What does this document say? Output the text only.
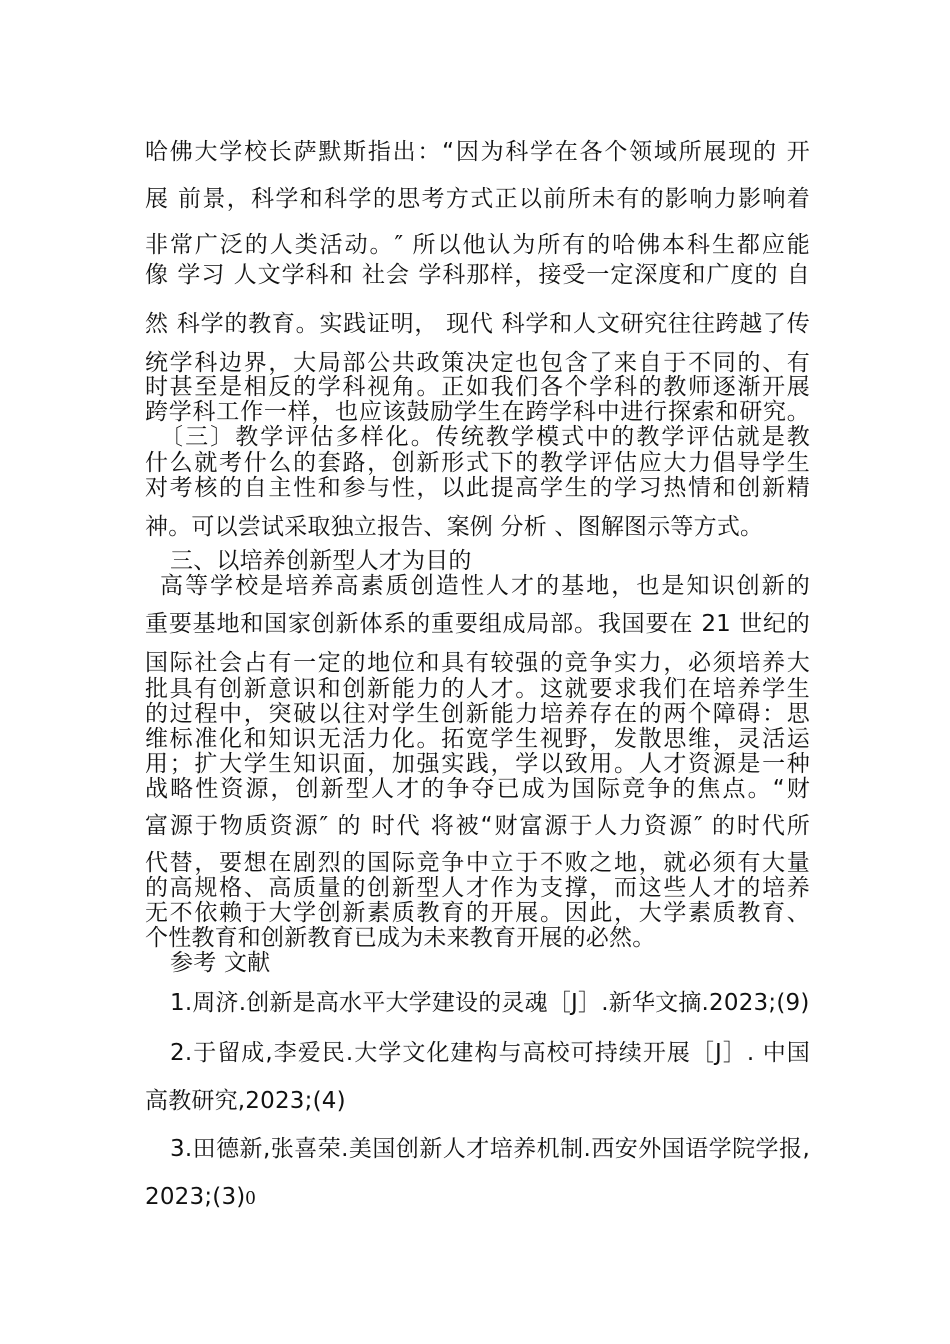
哈佛大学校长萨默斯指出：“因为科学在各个领域所展现的 开
展 前景，科学和科学的思考方式正以前所未有的影响力影响着
非常广泛的人类活动。″ 所以他认为所有的哈佛本科生都应能
像 学习 人文学科和 社会 学科那样，接受一定深度和广度的 自
然 科学的教育。实践证明， 现代 科学和人文研究往往跨越了传
统学科边界，大局部公共政策决定也包含了来自于不同的、有
时甚至是相反的学科视角。正如我们各个学科的教师逐渐开展
跨学科工作一样，也应该鼓励学生在跨学科中进行探索和研究。
〔三〕教学评估多样化。传统教学模式中的教学评估就是教
什么就考什么的套路，创新形式下的教学评估应大力倡导学生
对考核的自主性和参与性，以此提高学生的学习热情和创新精
神。可以尝试采取独立报告、案例 分析 、图解图示等方式。
三、以培养创新型人才为目的
高等学校是培养高素质创造性人才的基地，也是知识创新的
重要基地和国家创新体系的重要组成局部。我国要在 21 世纪的
国际社会占有一定的地位和具有较强的竞争实力，必须培养大
批具有创新意识和创新能力的人才。这就要求我们在培养学生
的过程中，突破以往对学生创新能力培养存在的两个障碍：思
维标准化和知识无活力化。拓宽学生视野，发散思维，灵活运
用；扩大学生知识面，加强实践，学以致用。人才资源是一种
战略性资源，创新型人才的争夺已成为国际竞争的焦点。“财
富源于物质资源″ 的 时代 将被“财富源于人力资源″ 的时代所
代替，要想在剧烈的国际竞争中立于不败之地，就必须有大量
的高规格、高质量的创新型人才作为支撑，而这些人才的培养
无不依赖于大学创新素质教育的开展。因此，大学素质教育、
个性教育和创新教育已成为未来教育开展的必然。
参考 文献
1.周济.创新是高水平大学建设的灵魂［J］.新华文摘.2023;(9)
2.于留成,李爱民.大学文化建构与高校可持续开展［J］. 中国
高教研究,2023;(4)
3.田德新,张喜荣.美国创新人才培养机制.西安外国语学院学报,
2023;(3)0
